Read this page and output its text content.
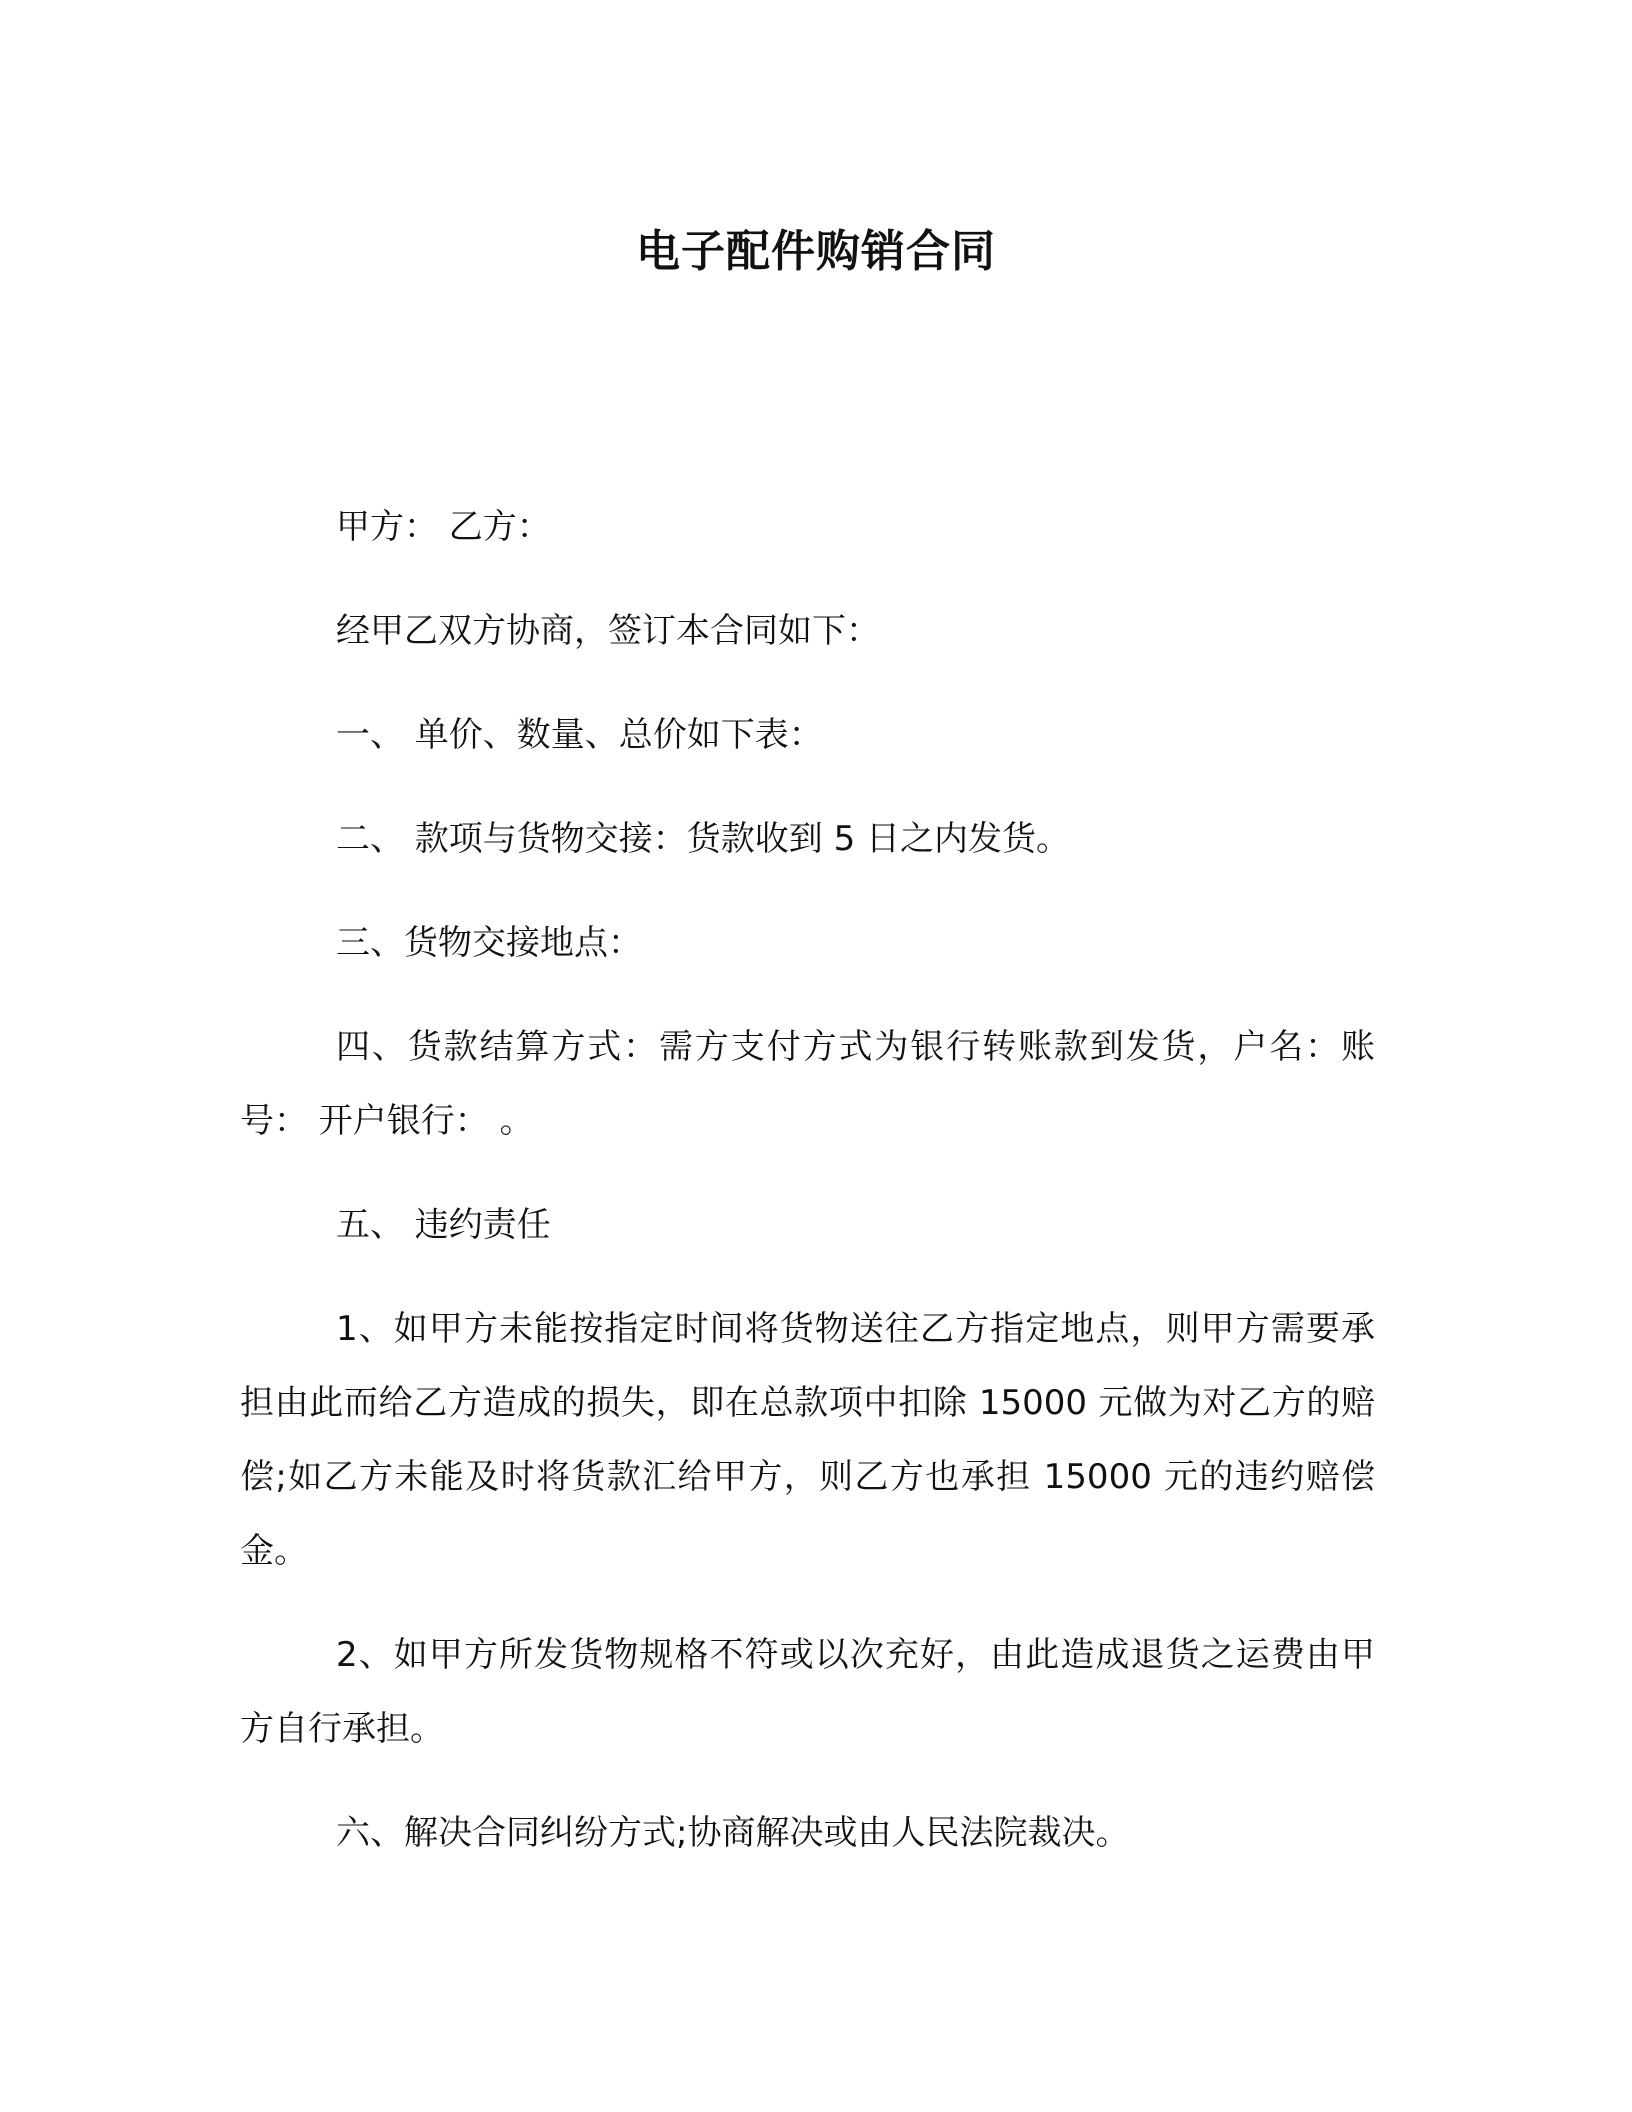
电子配件购销合同

甲方： 乙方：

经甲乙双方协商，签订本合同如下：

一、 单价、数量、总价如下表：

二、 款项与货物交接：货款收到 5 日之内发货。

三、货物交接地点：

四、货款结算方式：需方支付方式为银行转账款到发货，户名：账号： 开户银行： 。

五、 违约责任

1、如甲方未能按指定时间将货物送往乙方指定地点，则甲方需要承担由此而给乙方造成的损失，即在总款项中扣除 15000 元做为对乙方的赔偿;如乙方未能及时将货款汇给甲方，则乙方也承担 15000 元的违约赔偿金。

2、如甲方所发货物规格不符或以次充好，由此造成退货之运费由甲方自行承担。

六、解决合同纠纷方式;协商解决或由人民法院裁决。
